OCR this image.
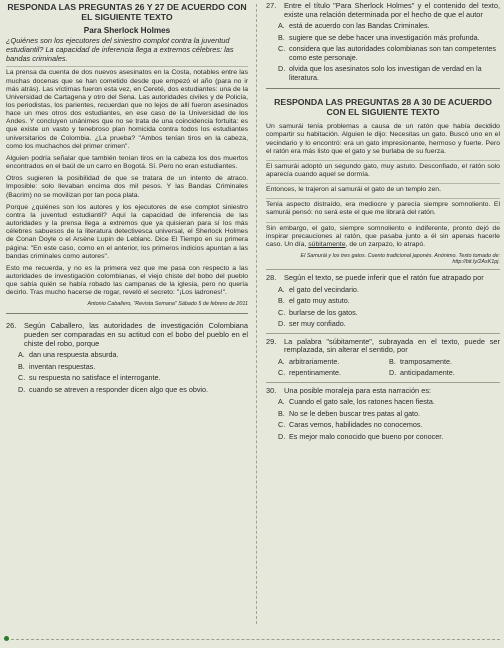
RESPONDA LAS PREGUNTAS 26 Y 27 DE ACUERDO CON EL SIGUIENTE TEXTO
Para Sherlock Holmes
¿Quiénes son los ejecutores del siniestro complot contra la juventud estudiantil? La capacidad de inferencia llega a extremos célebres: las bandas criminales.
La prensa da cuenta de dos nuevos asesinatos en la Costa, notables entre las muchas docenas que se han cometido desde que empezó el año (para no ir más atrás). Las víctimas fueron esta vez, en Cereté, dos estudiantes: una de la Universidad de Cartagena y otro del Sena. Las autoridades civiles y de Policía, los periodistas, los parientes, recuerdan que no lejos de allí fueron asesinados hace un mes otros dos estudiantes, en ese caso de la Universidad de los Andes. Y concluyen unánimes que no se trata de una coincidencia fortuita: es que existe un vasto y tenebroso plan homicida contra todos los estudiantes universitarios de Colombia. ¿La prueba? "Ambos tenían tiros en la cabeza, como los muchachos del primer crimen".
Alguien podría señalar que también tenían tiros en la cabeza los dos muertos encontrados en el baúl de un carro en Bogotá. Sí. Pero no eran estudiantes.
Otros sugieren la posibilidad de que se tratara de un intento de atraco. Imposible: solo llevaban encima dos mil pesos. Y las Bandas Criminales (Bacrim) no se movilizan por tan poca plata.
Porque ¿quiénes son los autores y los ejecutores de ese complot siniestro contra la juventud estudiantil? Aquí la capacidad de inferencia de las autoridades y la prensa llega a extremos que ya quisieran para sí los más célebres sabuesos de la literatura detectivesca universal, el Sherlock Holmes de Conan Doyle o el Arsène Lupin de Leblanc. Dice El Tiempo en su primera página: "En este caso, como en el anterior, los primeros indicios apuntan a las bandas criminales como autores".
Esto me recuerda, y no es la primera vez que me pasa con respecto a las autoridades de investigación colombianas, el viejo chiste del bobo del pueblo que sabía quién se había robado las campanas de la iglesia, pero no quería decirlo. Tras mucho hacerse de rogar, reveló el secreto: "¡Los ladrones!".
Antonio Caballero, "Revista Semana" Sábado 5 de febrero de 2011
26.	Según Caballero, las autoridades de investigación Colombiana pueden ser comparadas en su actitud con el bobo del pueblo en el chiste del robo, porque
A. dan una respuesta absurda.
B. inventan respuestas.
C. su respuesta no satisface el interrogante.
D. cuando se atreven a responder dicen algo que es obvio.
27.	Entre el título "Para Sherlock Holmes" y el contenido del texto, existe una relación determinada por el hecho de que el autor
A. está de acuerdo con las Bandas Criminales.
B. sugiere que se debe hacer una investigación más profunda.
C. considera que las autoridades colombianas son tan competentes como este personaje.
D. olvida que los asesinatos solo los investigan de verdad en la literatura.
RESPONDA LAS PREGUNTAS 28 A 30 DE ACUERDO CON EL SIGUIENTE TEXTO
Un samurái tenía problemas a causa de un ratón que había decidido compartir su habitación. Alguien le dijo: Necesitas un gato. Buscó uno en el vecindario y lo encontró: era un gato impresionante, hermoso y fuerte. Pero el ratón era más listo que el gato y se burlaba de su fuerza.
El samurái adoptó un segundo gato, muy astuto. Desconfiado, el ratón solo aparecía cuando aquel se dormía.
Entonces, le trajeron al samurái el gato de un templo zen.
Tenía aspecto distraído, era mediocre y parecía siempre somnoliento. El samurái pensó: no será este el que me librará del ratón.
Sin embargo, el gato, siempre somnoliento e indiferente, pronto dejó de inspirar precauciones al ratón, que pasaba junto a él sin apenas hacerle caso. Un día, súbitamente, de un zarpazo, lo atrapó.
El Samurái y los tres gatos. Cuento tradicional japonés. Anónimo. Texto tomado de: http://bit.ly/2AsK1pj.
28.	Según el texto, se puede inferir que el ratón fue atrapado por
A. el gato del vecindario.
B. el gato muy astuto.
C. burlarse de los gatos.
D. ser muy confiado.
29.	La palabra "súbitamente", subrayada en el texto, puede ser remplazada, sin alterar el sentido, por
A. arbitrariamente.	B. tramposamente.
C. repentinamente.	D. anticipadamente.
30.	Una posible moraleja para esta narración es:
A. Cuando el gato sale, los ratones hacen fiesta.
B. No se le deben buscar tres patas al gato.
C. Caras vemos, habilidades no conocemos.
D. Es mejor malo conocido que bueno por conocer.
